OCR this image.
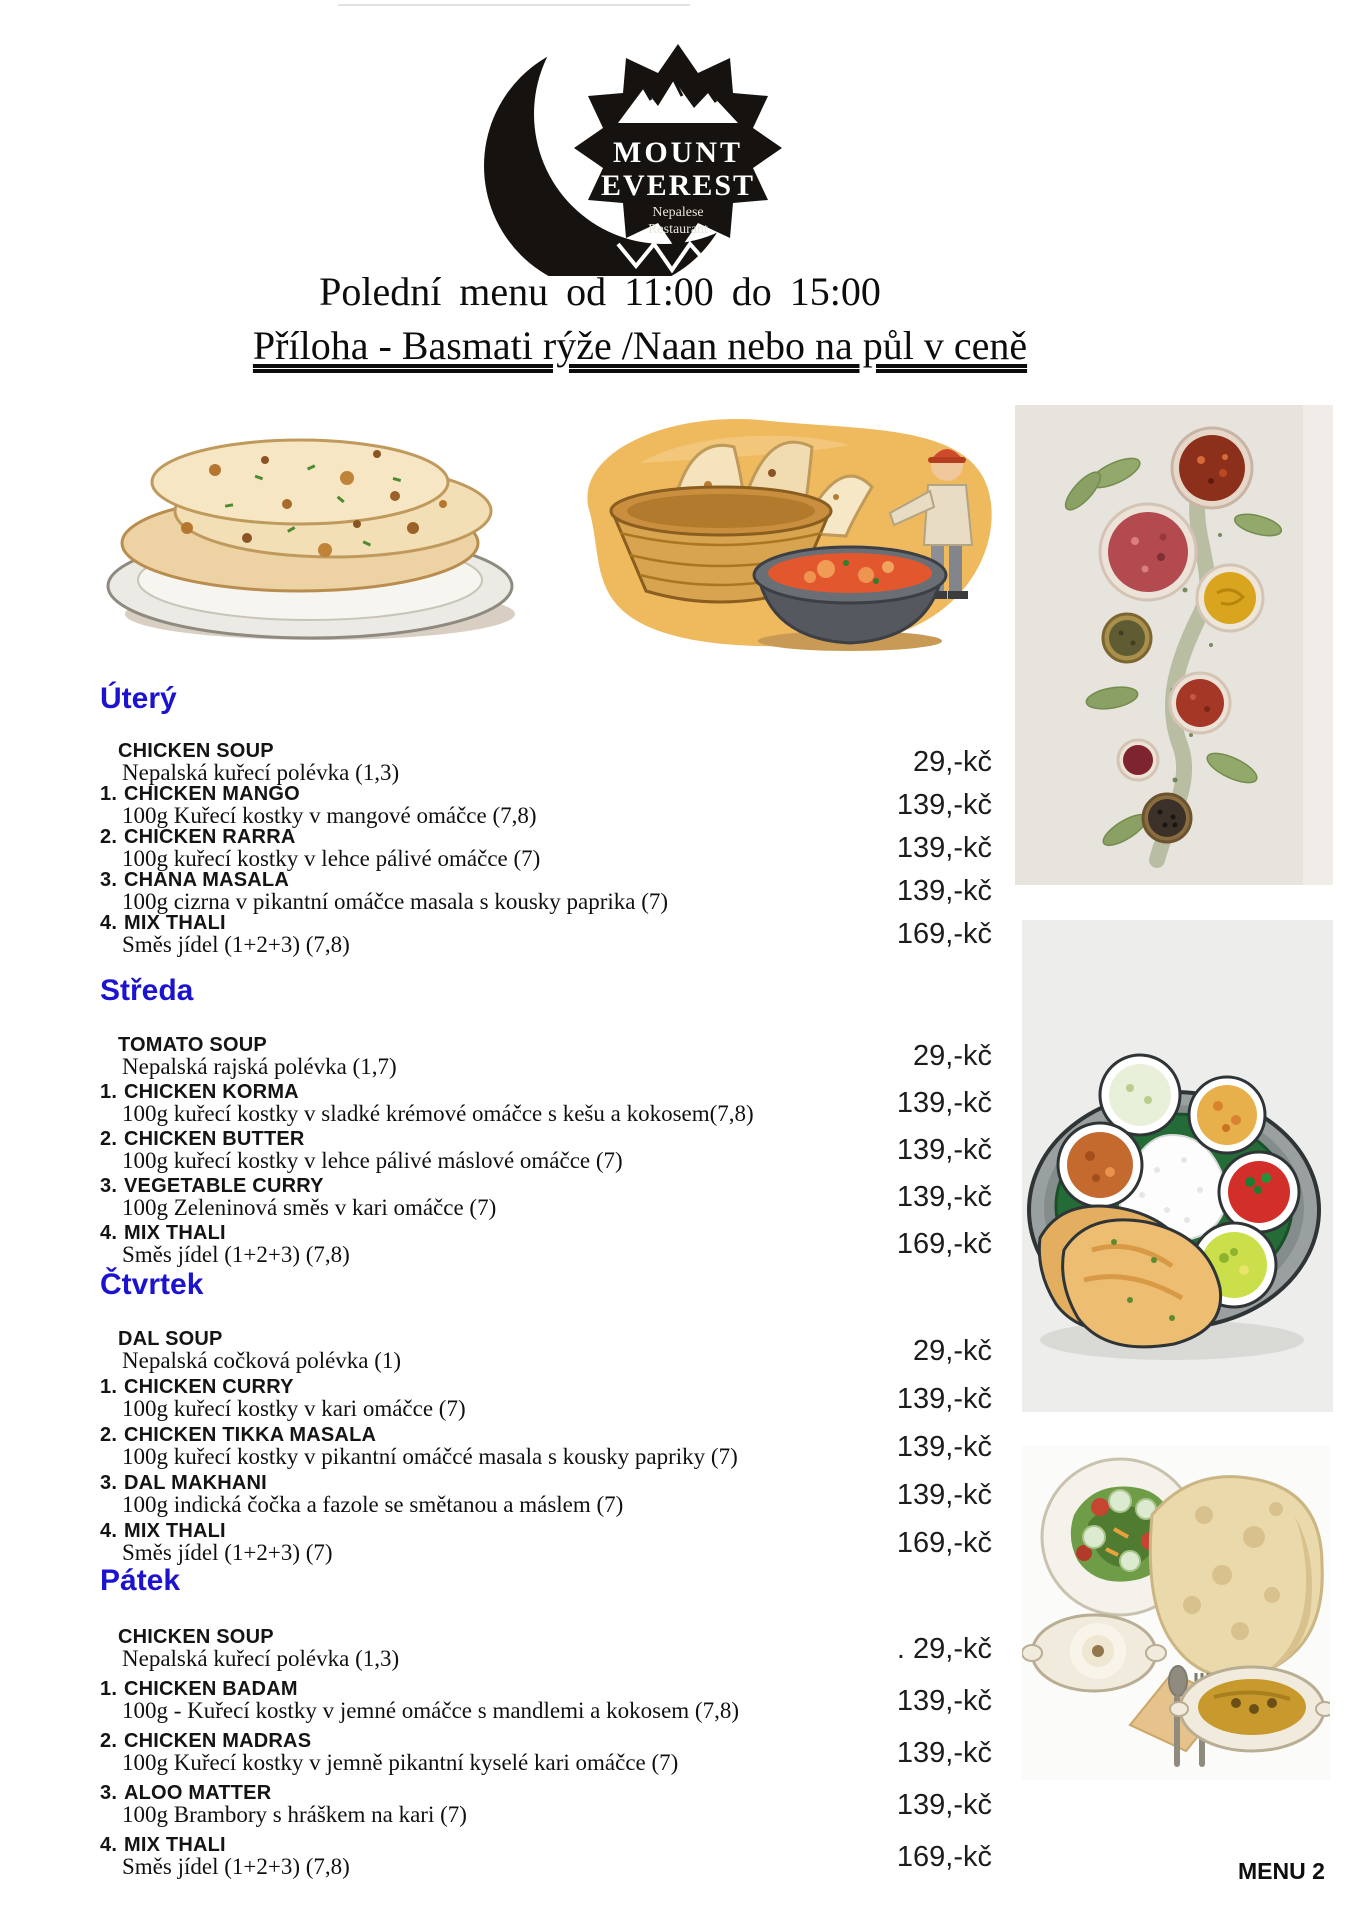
MOUNT
EVEREST
Nepalese
Restaurant
Polední menu od 11:00 do 15:00
Příloha - Basmati rýže /Naan nebo na půl v ceně
Úterý
CHICKEN SOUP
Nepalská kuřecí polévka (1,3)	29,-kč
1. CHICKEN MANGO
100g Kuřecí kostky v mangové omáčce (7,8)	139,-kč
2. CHICKEN RARRA
100g kuřecí kostky v lehce pálivé omáčce (7)	139,-kč
3. CHANA MASALA
100g cizrna v pikantní omáčce masala s kousky paprika (7)	139,-kč
4. MIX THALI
Směs jídel (1+2+3) (7,8)	169,-kč
Středa
TOMATO SOUP
Nepalská rajská polévka (1,7)	29,-kč
1. CHICKEN KORMA
100g kuřecí kostky v sladké krémové omáčce s kešu a kokosem(7,8)	139,-kč
2. CHICKEN BUTTER
100g kuřecí kostky v lehce pálivé máslové omáčce (7)	139,-kč
3. VEGETABLE CURRY
100g Zeleninová směs v kari omáčce (7)	139,-kč
4. MIX THALI
Směs jídel (1+2+3) (7,8)	169,-kč
Čtvrtek
DAL SOUP
Nepalská cočková polévka (1)	29,-kč
1. CHICKEN CURRY
100g kuřecí kostky v kari omáčce (7)	139,-kč
2. CHICKEN TIKKA MASALA
100g kuřecí kostky v pikantní omáčcé masala s kousky papriky (7)	139,-kč
3. DAL MAKHANI
100g indická čočka a fazole se smětanou a máslem (7)	139,-kč
4. MIX THALI
Směs jídel (1+2+3) (7)	169,-kč
Pátek
CHICKEN SOUP
Nepalská kuřecí polévka (1,3)	. 29,-kč
1. CHICKEN BADAM
100g - Kuřecí kostky v jemné omáčce s mandlemi a kokosem (7,8)	139,-kč
2. CHICKEN MADRAS
100g Kuřecí kostky v jemně pikantní kyselé kari omáčce (7)	139,-kč
3. ALOO MATTER
100g Brambory s hráškem na kari (7)	139,-kč
4. MIX THALI
Směs jídel (1+2+3) (7,8)	169,-kč	MENU 2
